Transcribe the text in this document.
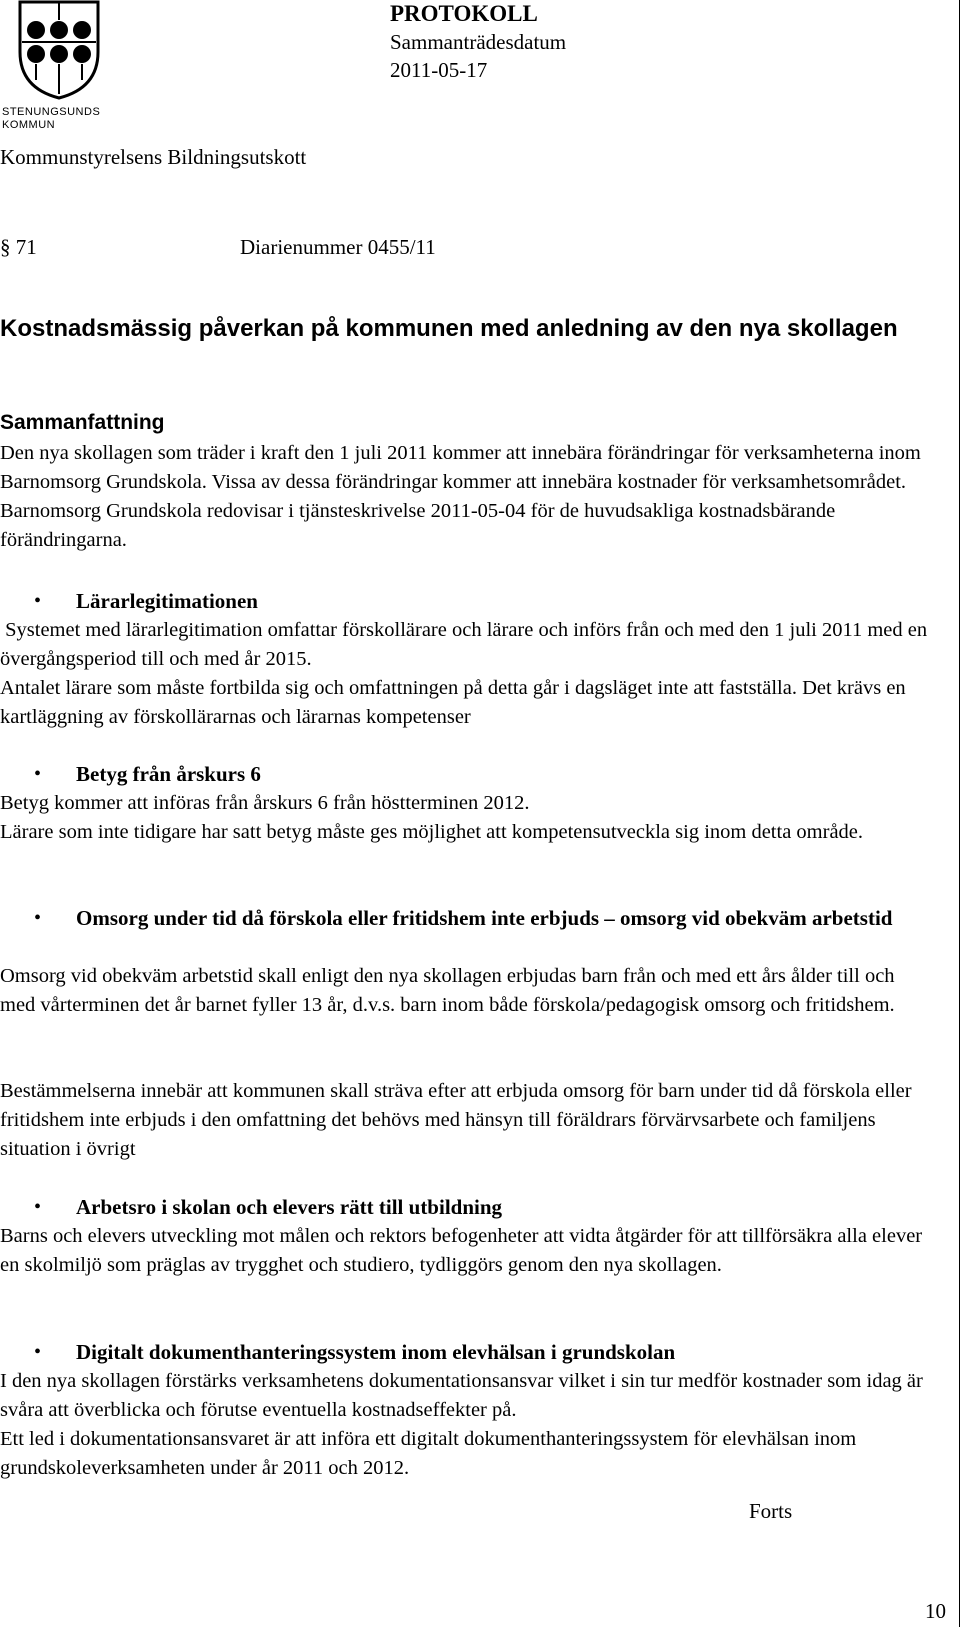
STENUNGSUNDS
KOMMUN
PROTOKOLL
Sammanträdesdatum
2011-05-17
Kommunstyrelsens Bildningsutskott
§ 71	Diarienummer 0455/11
Kostnadsmässig påverkan på kommunen med anledning av den nya skollagen
Sammanfattning
Den nya skollagen som träder i kraft den 1 juli 2011 kommer att innebära förändringar för verksamheterna inom Barnomsorg Grundskola. Vissa av dessa förändringar kommer att innebära kostnader för verksamhetsområdet. Barnomsorg Grundskola redovisar i tjänsteskrivelse 2011-05-04 för de huvudsakliga kostnadsbärande förändringarna.
• Lärarlegitimationen
Systemet med lärarlegitimation omfattar förskollärare och lärare och införs från och med den 1 juli 2011 med en övergångsperiod till och med år 2015.
Antalet lärare som måste fortbilda sig och omfattningen på detta går i dagsläget inte att fastställa. Det krävs en kartläggning av förskollärarnas och lärarnas kompetenser
• Betyg från årskurs 6
Betyg kommer att införas från årskurs 6 från höstterminen 2012.
Lärare som inte tidigare har satt betyg måste ges möjlighet att kompetensutveckla sig inom detta område.
• Omsorg under tid då förskola eller fritidshem inte erbjuds – omsorg vid obekväm arbetstid
Omsorg vid obekväm arbetstid skall enligt den nya skollagen erbjudas barn från och med ett års ålder till och med vårterminen det år barnet fyller 13 år, d.v.s. barn inom både förskola/pedagogisk omsorg och fritidshem.
Bestämmelserna innebär att kommunen skall sträva efter att erbjuda omsorg för barn under tid då förskola eller fritidshem inte erbjuds i den omfattning det behövs med hänsyn till föräldrars förvärvsarbete och familjens situation i övrigt
• Arbetsro i skolan och elevers rätt till utbildning
Barns och elevers utveckling mot målen och rektors befogenheter att vidta åtgärder för att tillförsäkra alla elever en skolmiljö som präglas av trygghet och studiero, tydliggörs genom den nya skollagen.
• Digitalt dokumenthanteringssystem inom elevhälsan i grundskolan
I den nya skollagen förstärks verksamhetens dokumentationsansvar vilket i sin tur medför kostnader som idag är svåra att överblicka och förutse eventuella kostnadseffekter på.
Ett led i dokumentationsansvaret är att införa ett digitalt dokumenthanteringssystem för elevhälsan inom grundskoleverksamheten under år 2011 och 2012.
Forts
10
